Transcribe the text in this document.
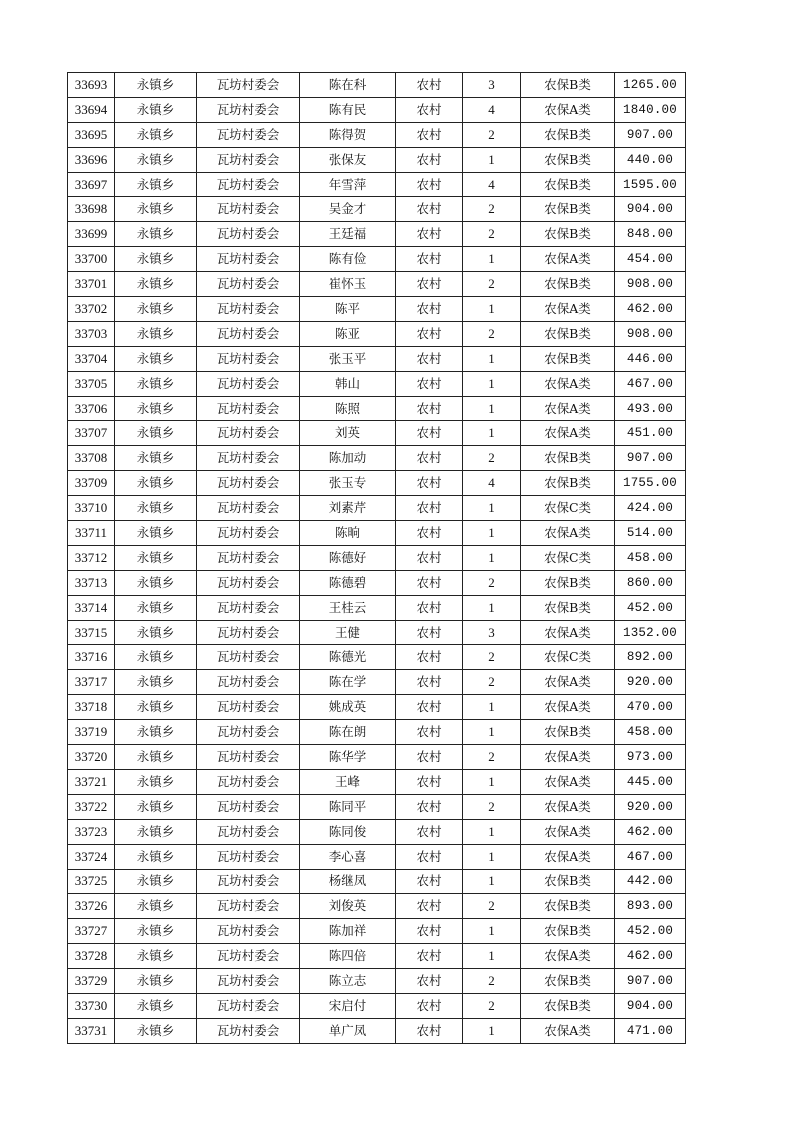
33693	永镇乡	瓦坊村委会	陈在科	农村	3	农保B类	1265.00
33694	永镇乡	瓦坊村委会	陈有民	农村	4	农保A类	1840.00
33695	永镇乡	瓦坊村委会	陈得贺	农村	2	农保B类	907.00
33696	永镇乡	瓦坊村委会	张保友	农村	1	农保B类	440.00
33697	永镇乡	瓦坊村委会	年雪萍	农村	4	农保B类	1595.00
33698	永镇乡	瓦坊村委会	吴金才	农村	2	农保B类	904.00
33699	永镇乡	瓦坊村委会	王廷福	农村	2	农保B类	848.00
33700	永镇乡	瓦坊村委会	陈有俭	农村	1	农保A类	454.00
33701	永镇乡	瓦坊村委会	崔怀玉	农村	2	农保B类	908.00
33702	永镇乡	瓦坊村委会	陈平	农村	1	农保A类	462.00
33703	永镇乡	瓦坊村委会	陈亚	农村	2	农保B类	908.00
33704	永镇乡	瓦坊村委会	张玉平	农村	1	农保B类	446.00
33705	永镇乡	瓦坊村委会	韩山	农村	1	农保A类	467.00
33706	永镇乡	瓦坊村委会	陈照	农村	1	农保A类	493.00
33707	永镇乡	瓦坊村委会	刘英	农村	1	农保A类	451.00
33708	永镇乡	瓦坊村委会	陈加动	农村	2	农保B类	907.00
33709	永镇乡	瓦坊村委会	张玉专	农村	4	农保B类	1755.00
33710	永镇乡	瓦坊村委会	刘素芹	农村	1	农保C类	424.00
33711	永镇乡	瓦坊村委会	陈晌	农村	1	农保A类	514.00
33712	永镇乡	瓦坊村委会	陈德好	农村	1	农保C类	458.00
33713	永镇乡	瓦坊村委会	陈德碧	农村	2	农保B类	860.00
33714	永镇乡	瓦坊村委会	王桂云	农村	1	农保B类	452.00
33715	永镇乡	瓦坊村委会	王健	农村	3	农保A类	1352.00
33716	永镇乡	瓦坊村委会	陈德光	农村	2	农保C类	892.00
33717	永镇乡	瓦坊村委会	陈在学	农村	2	农保A类	920.00
33718	永镇乡	瓦坊村委会	姚成英	农村	1	农保A类	470.00
33719	永镇乡	瓦坊村委会	陈在朗	农村	1	农保B类	458.00
33720	永镇乡	瓦坊村委会	陈华学	农村	2	农保A类	973.00
33721	永镇乡	瓦坊村委会	王峰	农村	1	农保A类	445.00
33722	永镇乡	瓦坊村委会	陈同平	农村	2	农保A类	920.00
33723	永镇乡	瓦坊村委会	陈同俊	农村	1	农保A类	462.00
33724	永镇乡	瓦坊村委会	李心喜	农村	1	农保A类	467.00
33725	永镇乡	瓦坊村委会	杨继凤	农村	1	农保B类	442.00
33726	永镇乡	瓦坊村委会	刘俊英	农村	2	农保B类	893.00
33727	永镇乡	瓦坊村委会	陈加祥	农村	1	农保B类	452.00
33728	永镇乡	瓦坊村委会	陈四倍	农村	1	农保A类	462.00
33729	永镇乡	瓦坊村委会	陈立志	农村	2	农保B类	907.00
33730	永镇乡	瓦坊村委会	宋启付	农村	2	农保B类	904.00
33731	永镇乡	瓦坊村委会	单广凤	农村	1	农保A类	471.00
